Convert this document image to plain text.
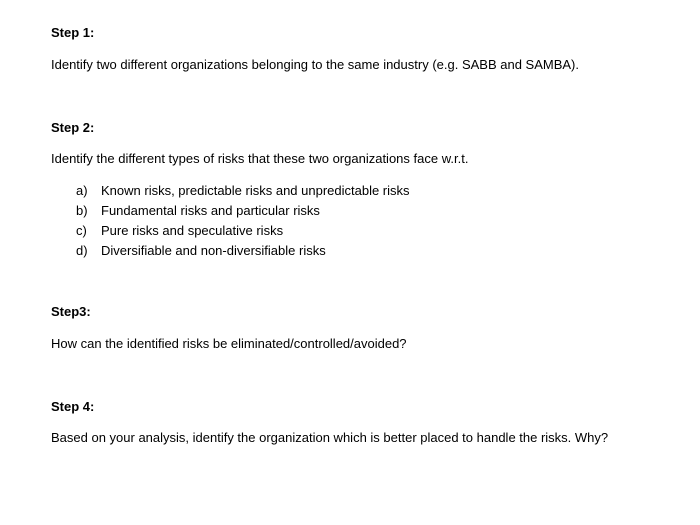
Step 1:
Identify two different organizations belonging to the same industry (e.g. SABB and SAMBA).
Step 2:
Identify the different types of risks that these two organizations face w.r.t.
a) Known risks, predictable risks and unpredictable risks
b) Fundamental risks and particular risks
c) Pure risks and speculative risks
d) Diversifiable and non-diversifiable risks
Step3:
How can the identified risks be eliminated/controlled/avoided?
Step 4:
Based on your analysis, identify the organization which is better placed to handle the risks. Why?
